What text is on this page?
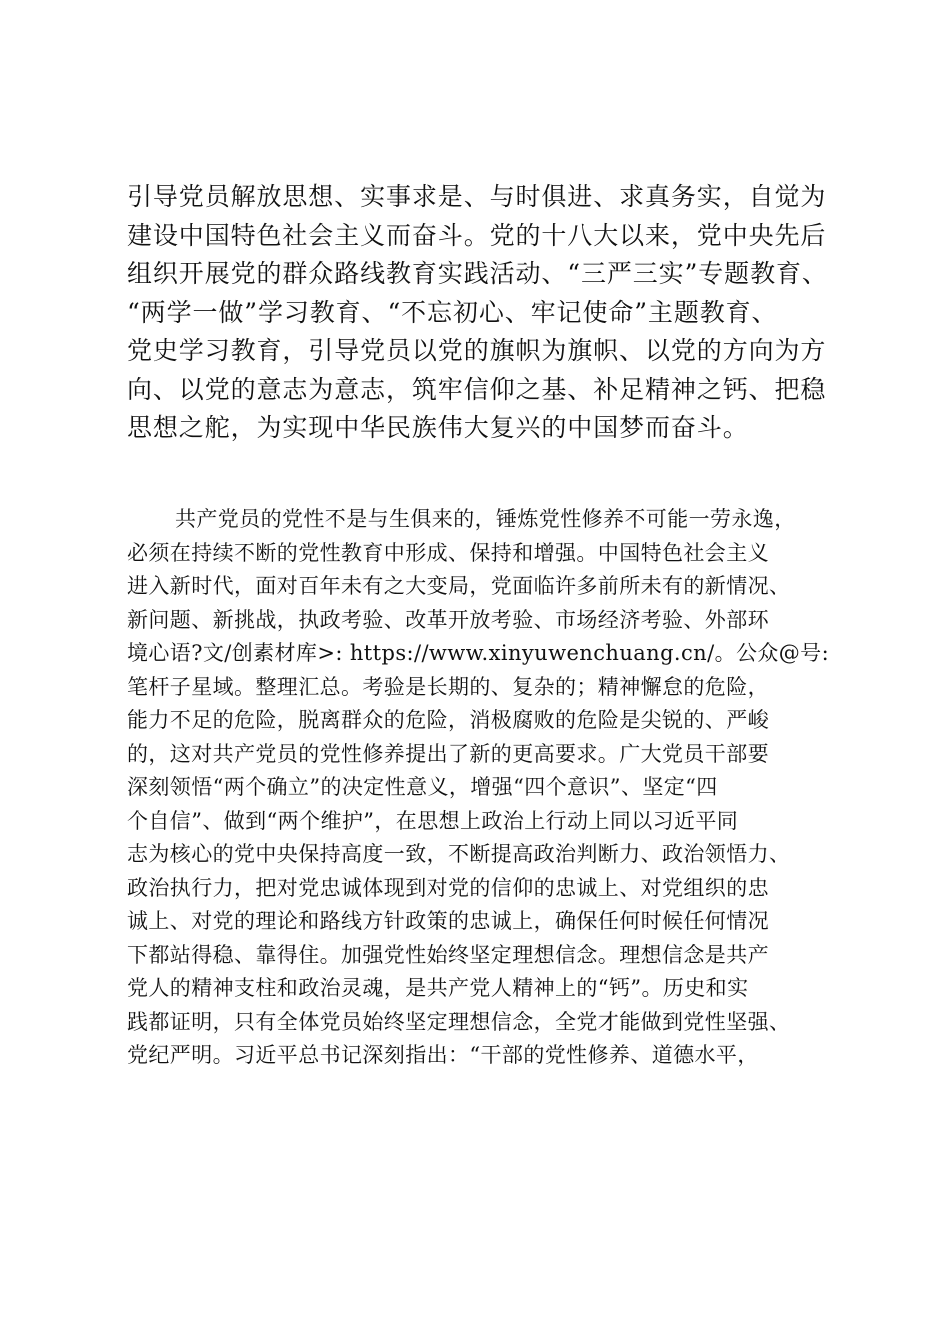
引导党员解放思想、实事求是、与时俱进、求真务实，自觉为
建设中国特色社会主义而奋斗。党的十八大以来，党中央先后
组织开展党的群众路线教育实践活动、“三严三实”专题教育、
“两学一做”学习教育、“不忘初心、牢记使命”主题教育、
党史学习教育，引导党员以党的旗帜为旗帜、以党的方向为方
向、以党的意志为意志，筑牢信仰之基、补足精神之钙、把稳
思想之舵，为实现中华民族伟大复兴的中国梦而奋斗。

共产党员的党性不是与生俱来的，锤炼党性修养不可能一劳永逸，
必须在持续不断的党性教育中形成、保持和增强。中国特色社会主义
进入新时代，面对百年未有之大变局，党面临许多前所未有的新情况、
新问题、新挑战，执政考验、改革开放考验、市场经济考验、外部环
境心语?文/创素材库>: https://www.xinyuwenchuang.cn/。公众@号:
笔杆子星域。整理汇总。考验是长期的、复杂的；精神懈怠的危险，
能力不足的危险，脱离群众的危险，消极腐败的危险是尖锐的、严峻
的，这对共产党员的党性修养提出了新的更高要求。广大党员干部要
深刻领悟“两个确立”的决定性意义，增强“四个意识”、坚定“四
个自信”、做到“两个维护”，在思想上政治上行动上同以习近平同
志为核心的党中央保持高度一致，不断提高政治判断力、政治领悟力、
政治执行力，把对党忠诚体现到对党的信仰的忠诚上、对党组织的忠
诚上、对党的理论和路线方针政策的忠诚上，确保任何时候任何情况
下都站得稳、靠得住。加强党性始终坚定理想信念。理想信念是共产
党人的精神支柱和政治灵魂，是共产党人精神上的“钙”。历史和实
践都证明，只有全体党员始终坚定理想信念，全党才能做到党性坚强、
党纪严明。习近平总书记深刻指出：“干部的党性修养、道德水平，
